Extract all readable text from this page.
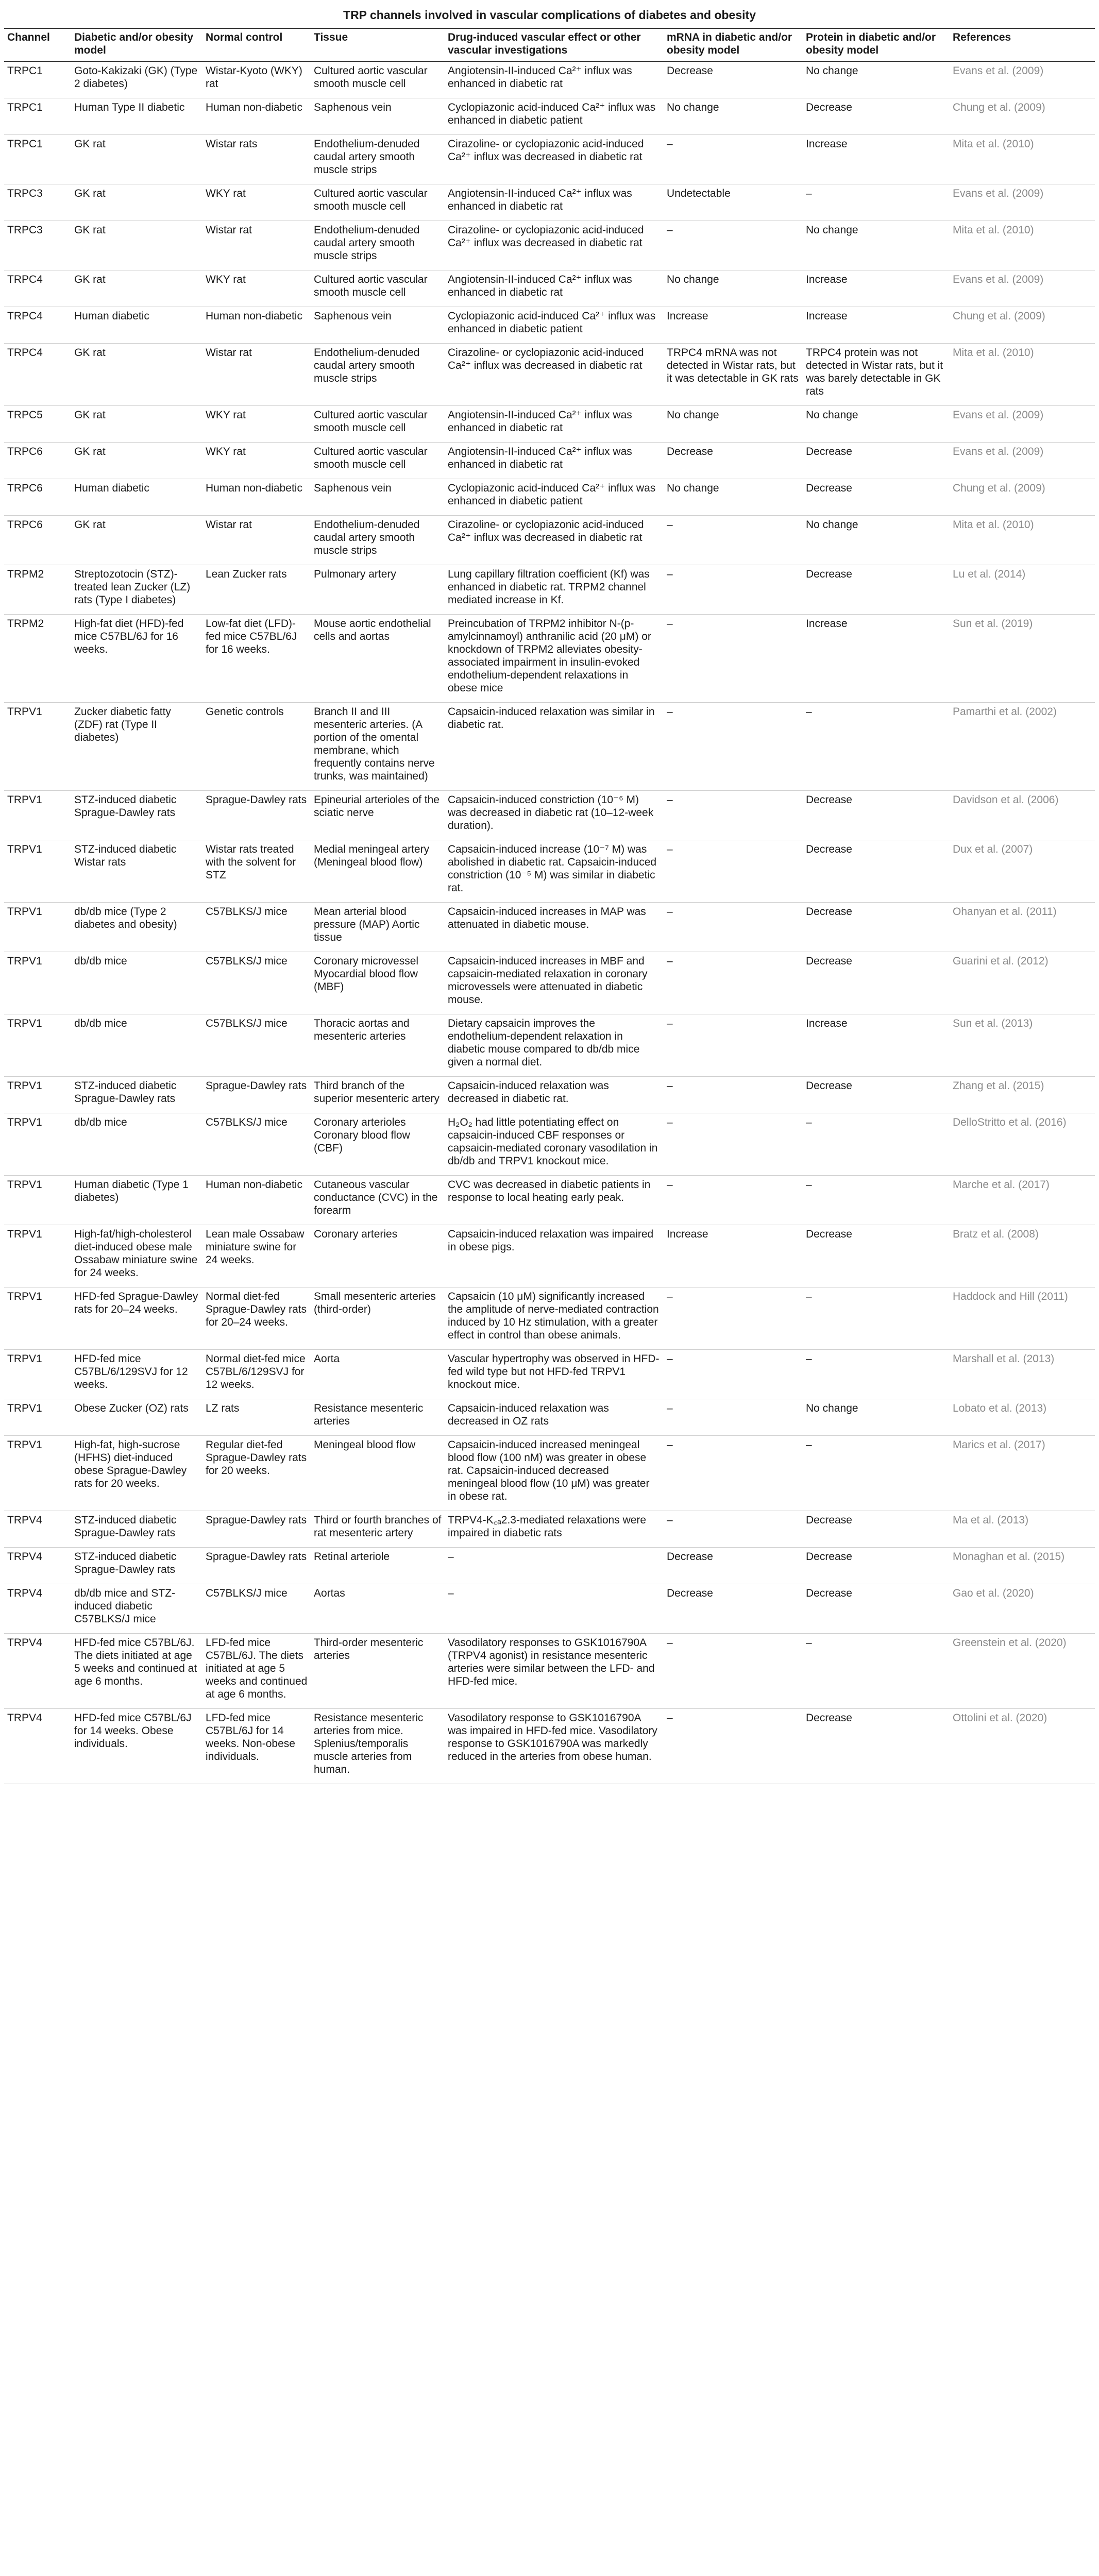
TRP channels involved in vascular complications of diabetes and obesity
Channel	Diabetic and/or obesity model	Normal control	Tissue	Drug-induced vascular effect or other vascular investigations	mRNA in diabetic and/or obesity model	Protein in diabetic and/or obesity model	References
TRPC1	Goto-Kakizaki (GK) (Type 2 diabetes)	Wistar-Kyoto (WKY) rat	Cultured aortic vascular smooth muscle cell	Angiotensin-II-induced Ca²⁺ influx was enhanced in diabetic rat	Decrease	No change	Evans et al. (2009)
TRPC1	Human Type II diabetic	Human non-diabetic	Saphenous vein	Cyclopiazonic acid-induced Ca²⁺ influx was enhanced in diabetic patient	No change	Decrease	Chung et al. (2009)
TRPC1	GK rat	Wistar rats	Endothelium-denuded caudal artery smooth muscle strips	Cirazoline- or cyclopiazonic acid-induced Ca²⁺ influx was decreased in diabetic rat	–	Increase	Mita et al. (2010)
TRPC3	GK rat	WKY rat	Cultured aortic vascular smooth muscle cell	Angiotensin-II-induced Ca²⁺ influx was enhanced in diabetic rat	Undetectable	–	Evans et al. (2009)
TRPC3	GK rat	Wistar rat	Endothelium-denuded caudal artery smooth muscle strips	Cirazoline- or cyclopiazonic acid-induced Ca²⁺ influx was decreased in diabetic rat	–	No change	Mita et al. (2010)
TRPC4	GK rat	WKY rat	Cultured aortic vascular smooth muscle cell	Angiotensin-II-induced Ca²⁺ influx was enhanced in diabetic rat	No change	Increase	Evans et al. (2009)
TRPC4	Human diabetic	Human non-diabetic	Saphenous vein	Cyclopiazonic acid-induced Ca²⁺ influx was enhanced in diabetic patient	Increase	Increase	Chung et al. (2009)
TRPC4	GK rat	Wistar rat	Endothelium-denuded caudal artery smooth muscle strips	Cirazoline- or cyclopiazonic acid-induced Ca²⁺ influx was decreased in diabetic rat	TRPC4 mRNA was not detected in Wistar rats, but it was detectable in GK rats	TRPC4 protein was not detected in Wistar rats, but it was barely detectable in GK rats	Mita et al. (2010)
TRPC5	GK rat	WKY rat	Cultured aortic vascular smooth muscle cell	Angiotensin-II-induced Ca²⁺ influx was enhanced in diabetic rat	No change	No change	Evans et al. (2009)
TRPC6	GK rat	WKY rat	Cultured aortic vascular smooth muscle cell	Angiotensin-II-induced Ca²⁺ influx was enhanced in diabetic rat	Decrease	Decrease	Evans et al. (2009)
TRPC6	Human diabetic	Human non-diabetic	Saphenous vein	Cyclopiazonic acid-induced Ca²⁺ influx was enhanced in diabetic patient	No change	Decrease	Chung et al. (2009)
TRPC6	GK rat	Wistar rat	Endothelium-denuded caudal artery smooth muscle strips	Cirazoline- or cyclopiazonic acid-induced Ca²⁺ influx was decreased in diabetic rat	–	No change	Mita et al. (2010)
TRPM2	Streptozotocin (STZ)-treated lean Zucker (LZ) rats (Type I diabetes)	Lean Zucker rats	Pulmonary artery	Lung capillary filtration coefficient (Kf) was enhanced in diabetic rat. TRPM2 channel mediated increase in Kf.	–	Decrease	Lu et al. (2014)
TRPM2	High-fat diet (HFD)-fed mice C57BL/6J for 16 weeks.	Low-fat diet (LFD)-fed mice C57BL/6J for 16 weeks.	Mouse aortic endothelial cells and aortas	Preincubation of TRPM2 inhibitor N-(p-amylcinnamoyl) anthranilic acid (20 μM) or knockdown of TRPM2 alleviates obesity-associated impairment in insulin-evoked endothelium-dependent relaxations in obese mice	–	Increase	Sun et al. (2019)
TRPV1	Zucker diabetic fatty (ZDF) rat (Type II diabetes)	Genetic controls	Branch II and III mesenteric arteries. (A portion of the omental membrane, which frequently contains nerve trunks, was maintained)	Capsaicin-induced relaxation was similar in diabetic rat.	–	–	Pamarthi et al. (2002)
TRPV1	STZ-induced diabetic Sprague-Dawley rats	Sprague-Dawley rats	Epineurial arterioles of the sciatic nerve	Capsaicin-induced constriction (10⁻⁶ M) was decreased in diabetic rat (10–12-week duration).	–	Decrease	Davidson et al. (2006)
TRPV1	STZ-induced diabetic Wistar rats	Wistar rats treated with the solvent for STZ	Medial meningeal artery (Meningeal blood flow)	Capsaicin-induced increase (10⁻⁷ M) was abolished in diabetic rat. Capsaicin-induced constriction (10⁻⁵ M) was similar in diabetic rat.	–	Decrease	Dux et al. (2007)
TRPV1	db/db mice (Type 2 diabetes and obesity)	C57BLKS/J mice	Mean arterial blood pressure (MAP) Aortic tissue	Capsaicin-induced increases in MAP was attenuated in diabetic mouse.	–	Decrease	Ohanyan et al. (2011)
TRPV1	db/db mice	C57BLKS/J mice	Coronary microvessel Myocardial blood flow (MBF)	Capsaicin-induced increases in MBF and capsaicin-mediated relaxation in coronary microvessels were attenuated in diabetic mouse.	–	Decrease	Guarini et al. (2012)
TRPV1	db/db mice	C57BLKS/J mice	Thoracic aortas and mesenteric arteries	Dietary capsaicin improves the endothelium-dependent relaxation in diabetic mouse compared to db/db mice given a normal diet.	–	Increase	Sun et al. (2013)
TRPV1	STZ-induced diabetic Sprague-Dawley rats	Sprague-Dawley rats	Third branch of the superior mesenteric artery	Capsaicin-induced relaxation was decreased in diabetic rat.	–	Decrease	Zhang et al. (2015)
TRPV1	db/db mice	C57BLKS/J mice	Coronary arterioles Coronary blood flow (CBF)	H₂O₂ had little potentiating effect on capsaicin-induced CBF responses or capsaicin-mediated coronary vasodilation in db/db and TRPV1 knockout mice.	–	–	DelloStritto et al. (2016)
TRPV1	Human diabetic (Type 1 diabetes)	Human non-diabetic	Cutaneous vascular conductance (CVC) in the forearm	CVC was decreased in diabetic patients in response to local heating early peak.	–	–	Marche et al. (2017)
TRPV1	High-fat/high-cholesterol diet-induced obese male Ossabaw miniature swine for 24 weeks.	Lean male Ossabaw miniature swine for 24 weeks.	Coronary arteries	Capsaicin-induced relaxation was impaired in obese pigs.	Increase	Decrease	Bratz et al. (2008)
TRPV1	HFD-fed Sprague-Dawley rats for 20–24 weeks.	Normal diet-fed Sprague-Dawley rats for 20–24 weeks.	Small mesenteric arteries (third-order)	Capsaicin (10 μM) significantly increased the amplitude of nerve-mediated contraction induced by 10 Hz stimulation, with a greater effect in control than obese animals.	–	–	Haddock and Hill (2011)
TRPV1	HFD-fed mice C57BL/6/129SVJ for 12 weeks.	Normal diet-fed mice C57BL/6/129SVJ for 12 weeks.	Aorta	Vascular hypertrophy was observed in HFD-fed wild type but not HFD-fed TRPV1 knockout mice.	–	–	Marshall et al. (2013)
TRPV1	Obese Zucker (OZ) rats	LZ rats	Resistance mesenteric arteries	Capsaicin-induced relaxation was decreased in OZ rats	–	No change	Lobato et al. (2013)
TRPV1	High-fat, high-sucrose (HFHS) diet-induced obese Sprague-Dawley rats for 20 weeks.	Regular diet-fed Sprague-Dawley rats for 20 weeks.	Meningeal blood flow	Capsaicin-induced increased meningeal blood flow (100 nM) was greater in obese rat. Capsaicin-induced decreased meningeal blood flow (10 μM) was greater in obese rat.	–	–	Marics et al. (2017)
TRPV4	STZ-induced diabetic Sprague-Dawley rats	Sprague-Dawley rats	Third or fourth branches of rat mesenteric artery	TRPV4-K꜀ₐ2.3-mediated relaxations were impaired in diabetic rats	–	Decrease	Ma et al. (2013)
TRPV4	STZ-induced diabetic Sprague-Dawley rats	Sprague-Dawley rats	Retinal arteriole	–	Decrease	Decrease	Monaghan et al. (2015)
TRPV4	db/db mice and STZ-induced diabetic C57BLKS/J mice	C57BLKS/J mice	Aortas	–	Decrease	Decrease	Gao et al. (2020)
TRPV4	HFD-fed mice C57BL/6J. The diets initiated at age 5 weeks and continued at age 6 months.	LFD-fed mice C57BL/6J. The diets initiated at age 5 weeks and continued at age 6 months.	Third-order mesenteric arteries	Vasodilatory responses to GSK1016790A (TRPV4 agonist) in resistance mesenteric arteries were similar between the LFD- and HFD-fed mice.	–	–	Greenstein et al. (2020)
TRPV4	HFD-fed mice C57BL/6J for 14 weeks. Obese individuals.	LFD-fed mice C57BL/6J for 14 weeks. Non-obese individuals.	Resistance mesenteric arteries from mice. Splenius/temporalis muscle arteries from human.	Vasodilatory response to GSK1016790A was impaired in HFD-fed mice. Vasodilatory response to GSK1016790A was markedly reduced in the arteries from obese human.	–	Decrease	Ottolini et al. (2020)
